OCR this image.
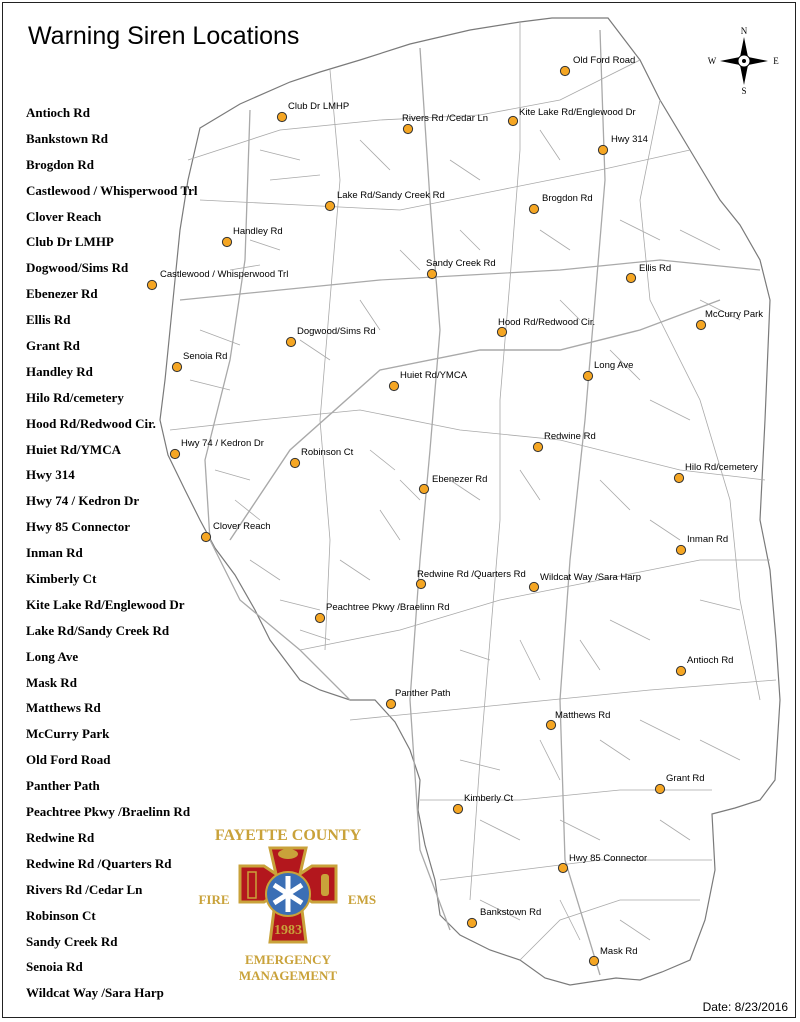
Warning Siren Locations
Old Ford Road
Club Dr LMHP
Rivers Rd /Cedar Ln
Kite Lake Rd/Englewood Dr
Hwy 314
Brogdon Rd
Lake Rd/Sandy Creek Rd
Handley Rd
Sandy Creek Rd	Ellis Rd
Castlewood / Whisperwood Trl
McCurry Park
Hood Rd/Redwood Cir.
Dogwood/Sims Rd
Senoia Rd
Long Ave
Huiet Rd/YMCA
Redwine Rd
Hwy 74 / Kedron Dr
Robinson Ct
Hilo Rd/cemetery
Ebenezer Rd
Clover Reach
Inman Rd
Redwine Rd /Quarters Rd Wildcat Way /Sara Harp
Peachtree Pkwy /Braelinn Rd
Antioch Rd
Panther Path
Matthews Rd
Grant Rd
Kimberly Ct
Hwy 85 Connector
Bankstown Rd
Mask Rd
Antioch Rd
Bankstown Rd
Brogdon Rd
Castlewood / Whisperwood Trl
Clover Reach
Club Dr LMHP
Dogwood/Sims Rd
Ebenezer Rd
Ellis Rd
Grant Rd
Handley Rd
Hilo Rd/cemetery
Hood Rd/Redwood Cir.
Huiet Rd/YMCA
Hwy 314
Hwy 74 / Kedron Dr
Hwy 85 Connector
Inman Rd
Kimberly Ct
Kite Lake Rd/Englewood Dr
Lake Rd/Sandy Creek Rd
Long Ave
Mask Rd
Matthews Rd
McCurry Park
Old Ford Road
Panther Path
Peachtree Pkwy /Braelinn Rd
Redwine Rd
Redwine Rd /Quarters Rd
Rivers Rd /Cedar Ln
Robinson Ct
Sandy Creek Rd
Senoia Rd
Wildcat Way /Sara Harp
N
S
E
W
FAYETTE COUNTY
FIRE	EMS
1983
EMERGENCY
MANAGEMENT
Date: 8/23/2016
